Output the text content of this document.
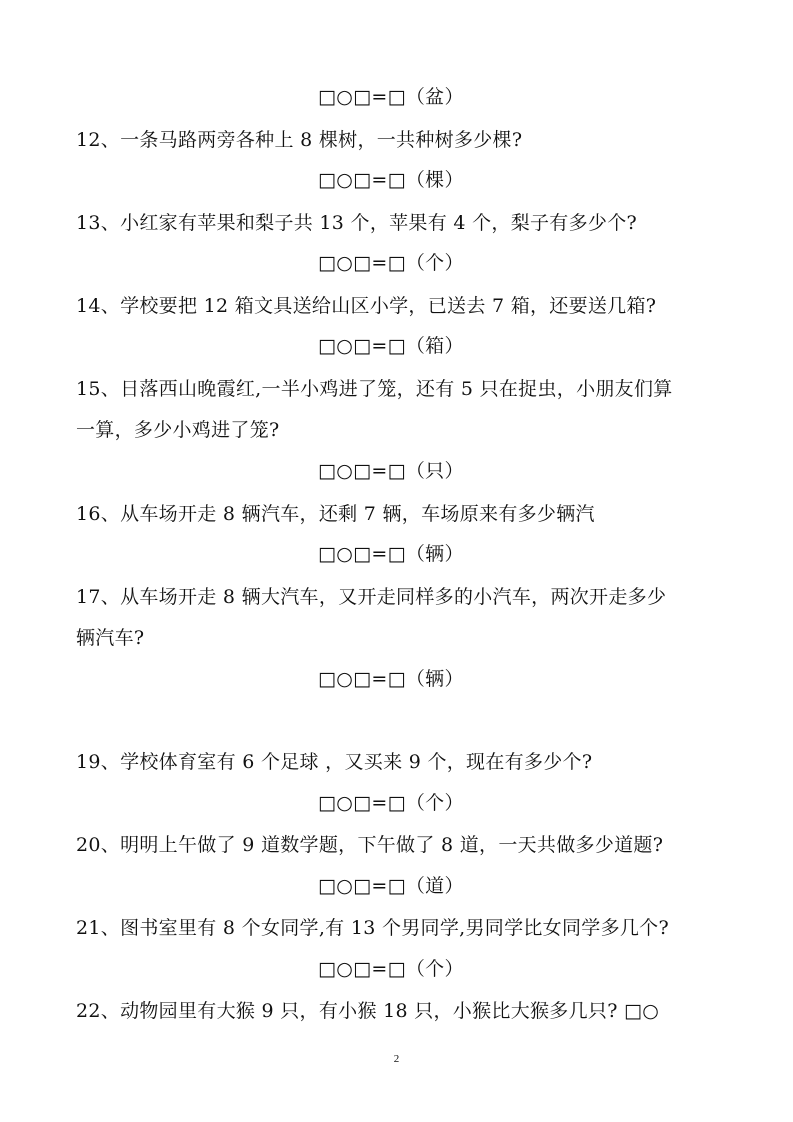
□○□=□（盆）
12、一条马路两旁各种上 8 棵树，一共种树多少棵?
□○□=□（棵）
13、小红家有苹果和梨子共 13 个，苹果有 4 个，梨子有多少个?
□○□=□（个）
14、学校要把 12 箱文具送给山区小学，已送去 7 箱，还要送几箱?
□○□=□（箱）
15、日落西山晚霞红,一半小鸡进了笼，还有 5 只在捉虫，小朋友们算
一算，多少小鸡进了笼?
□○□=□（只）
16、从车场开走 8 辆汽车，还剩 7 辆，车场原来有多少辆汽
□○□=□（辆）
17、从车场开走 8 辆大汽车，又开走同样多的小汽车，两次开走多少
辆汽车?
□○□=□（辆）
19、学校体育室有 6 个足球 ，又买来 9 个，现在有多少个?
□○□=□（个）
20、明明上午做了 9 道数学题，下午做了 8 道，一天共做多少道题?
□○□=□（道）
21、图书室里有 8 个女同学,有 13 个男同学,男同学比女同学多几个?
□○□=□（个）
22、动物园里有大猴 9 只，有小猴 18 只，小猴比大猴多几只? □○
2
